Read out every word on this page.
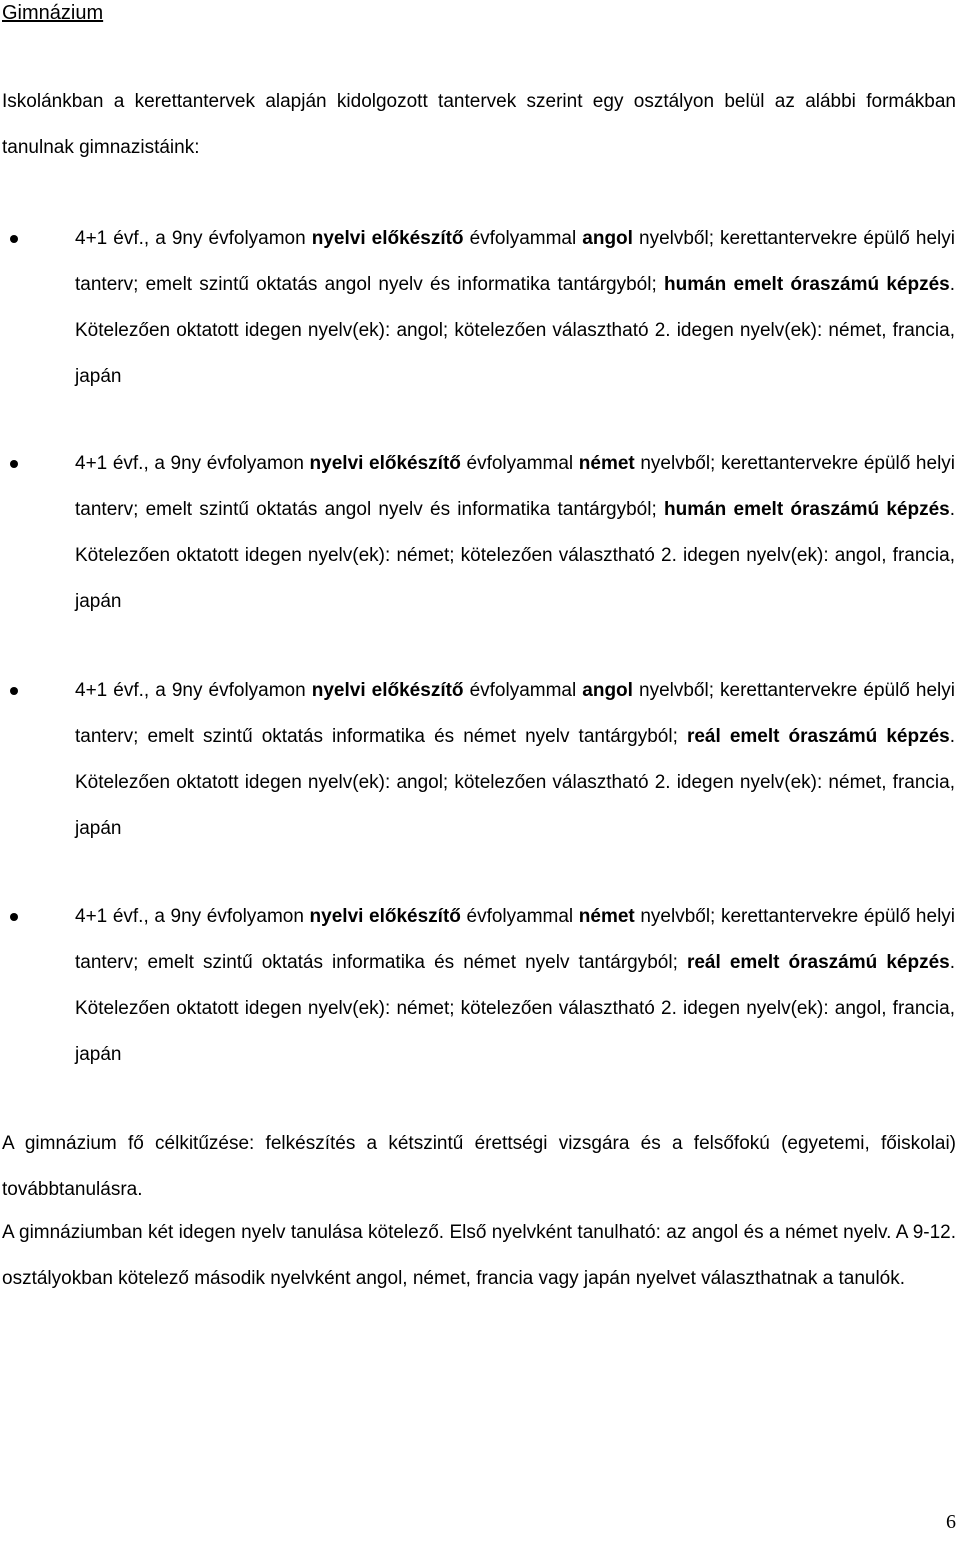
Gimnázium

Iskolánkban a kerettantervek alapján kidolgozott tantervek szerint egy osztályon belül az alábbi formákban tanulnak gimnazistáink:

4+1 évf., a 9ny évfolyamon nyelvi előkészítő évfolyammal angol nyelvből; kerettantervekre épülő helyi tanterv; emelt szintű oktatás angol nyelv és informatika tantárgyból; humán emelt óraszámú képzés. Kötelezően oktatott idegen nyelv(ek): angol; kötelezően választható 2. idegen nyelv(ek): német, francia, japán

4+1 évf., a 9ny évfolyamon nyelvi előkészítő évfolyammal német nyelvből; kerettantervekre épülő helyi tanterv; emelt szintű oktatás angol nyelv és informatika tantárgyból; humán emelt óraszámú képzés. Kötelezően oktatott idegen nyelv(ek): német; kötelezően választható 2. idegen nyelv(ek): angol, francia, japán

4+1 évf., a 9ny évfolyamon nyelvi előkészítő évfolyammal angol nyelvből; kerettantervekre épülő helyi tanterv; emelt szintű oktatás informatika és német nyelv tantárgyból; reál emelt óraszámú képzés. Kötelezően oktatott idegen nyelv(ek): angol; kötelezően választható 2. idegen nyelv(ek): német, francia, japán

4+1 évf., a 9ny évfolyamon nyelvi előkészítő évfolyammal német nyelvből; kerettantervekre épülő helyi tanterv; emelt szintű oktatás informatika és német nyelv tantárgyból; reál emelt óraszámú képzés. Kötelezően oktatott idegen nyelv(ek): német; kötelezően választható 2. idegen nyelv(ek): angol, francia, japán

A gimnázium fő célkitűzése: felkészítés a kétszintű érettségi vizsgára és a felsőfokú (egyetemi, főiskolai) továbbtanulásra.

A gimnáziumban két idegen nyelv tanulása kötelező. Első nyelvként tanulható: az angol és a német nyelv. A 9-12. osztályokban kötelező második nyelvként angol, német, francia vagy japán nyelvet választhatnak a tanulók.

6
